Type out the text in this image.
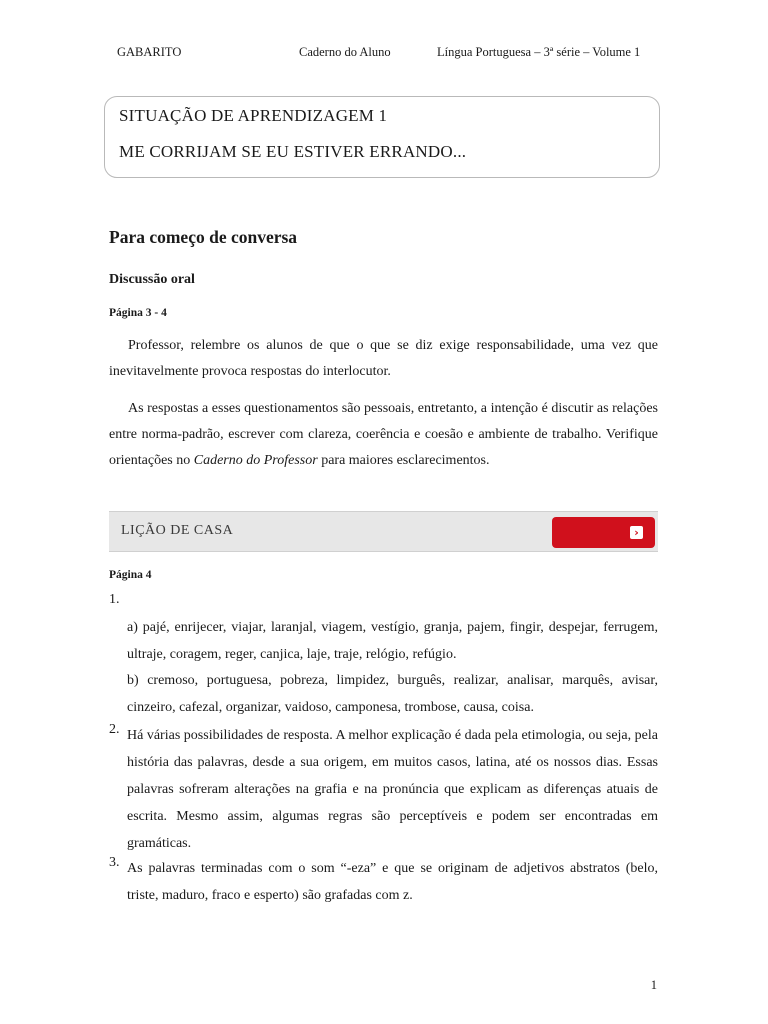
GABARITO	Caderno do Aluno	Língua Portuguesa – 3ª série – Volume 1
SITUAÇÃO DE APRENDIZAGEM 1
ME CORRIJAM SE EU ESTIVER ERRANDO...
Para começo de conversa
Discussão oral
Página 3 - 4
Professor, relembre os alunos de que o que se diz exige responsabilidade, uma vez que inevitavelmente provoca respostas do interlocutor.
As respostas a esses questionamentos são pessoais, entretanto, a intenção é discutir as relações entre norma-padrão, escrever com clareza, coerência e coesão e ambiente de trabalho. Verifique orientações no Caderno do Professor para maiores esclarecimentos.
LIÇÃO DE CASA	›
Página 4
1.
a) pajé, enrijecer, viajar, laranjal, viagem, vestígio, granja, pajem, fingir, despejar, ferrugem, ultraje, coragem, reger, canjica, laje, traje, relógio, refúgio.
b) cremoso, portuguesa, pobreza, limpidez, burguês, realizar, analisar, marquês, avisar, cinzeiro, cafezal, organizar, vaidoso, camponesa, trombose, causa, coisa.
2. Há várias possibilidades de resposta. A melhor explicação é dada pela etimologia, ou seja, pela história das palavras, desde a sua origem, em muitos casos, latina, até os nossos dias. Essas palavras sofreram alterações na grafia e na pronúncia que explicam as diferenças atuais de escrita. Mesmo assim, algumas regras são perceptíveis e podem ser encontradas em gramáticas.
3. As palavras terminadas com o som “-eza” e que se originam de adjetivos abstratos (belo, triste, maduro, fraco e esperto) são grafadas com z.
1
